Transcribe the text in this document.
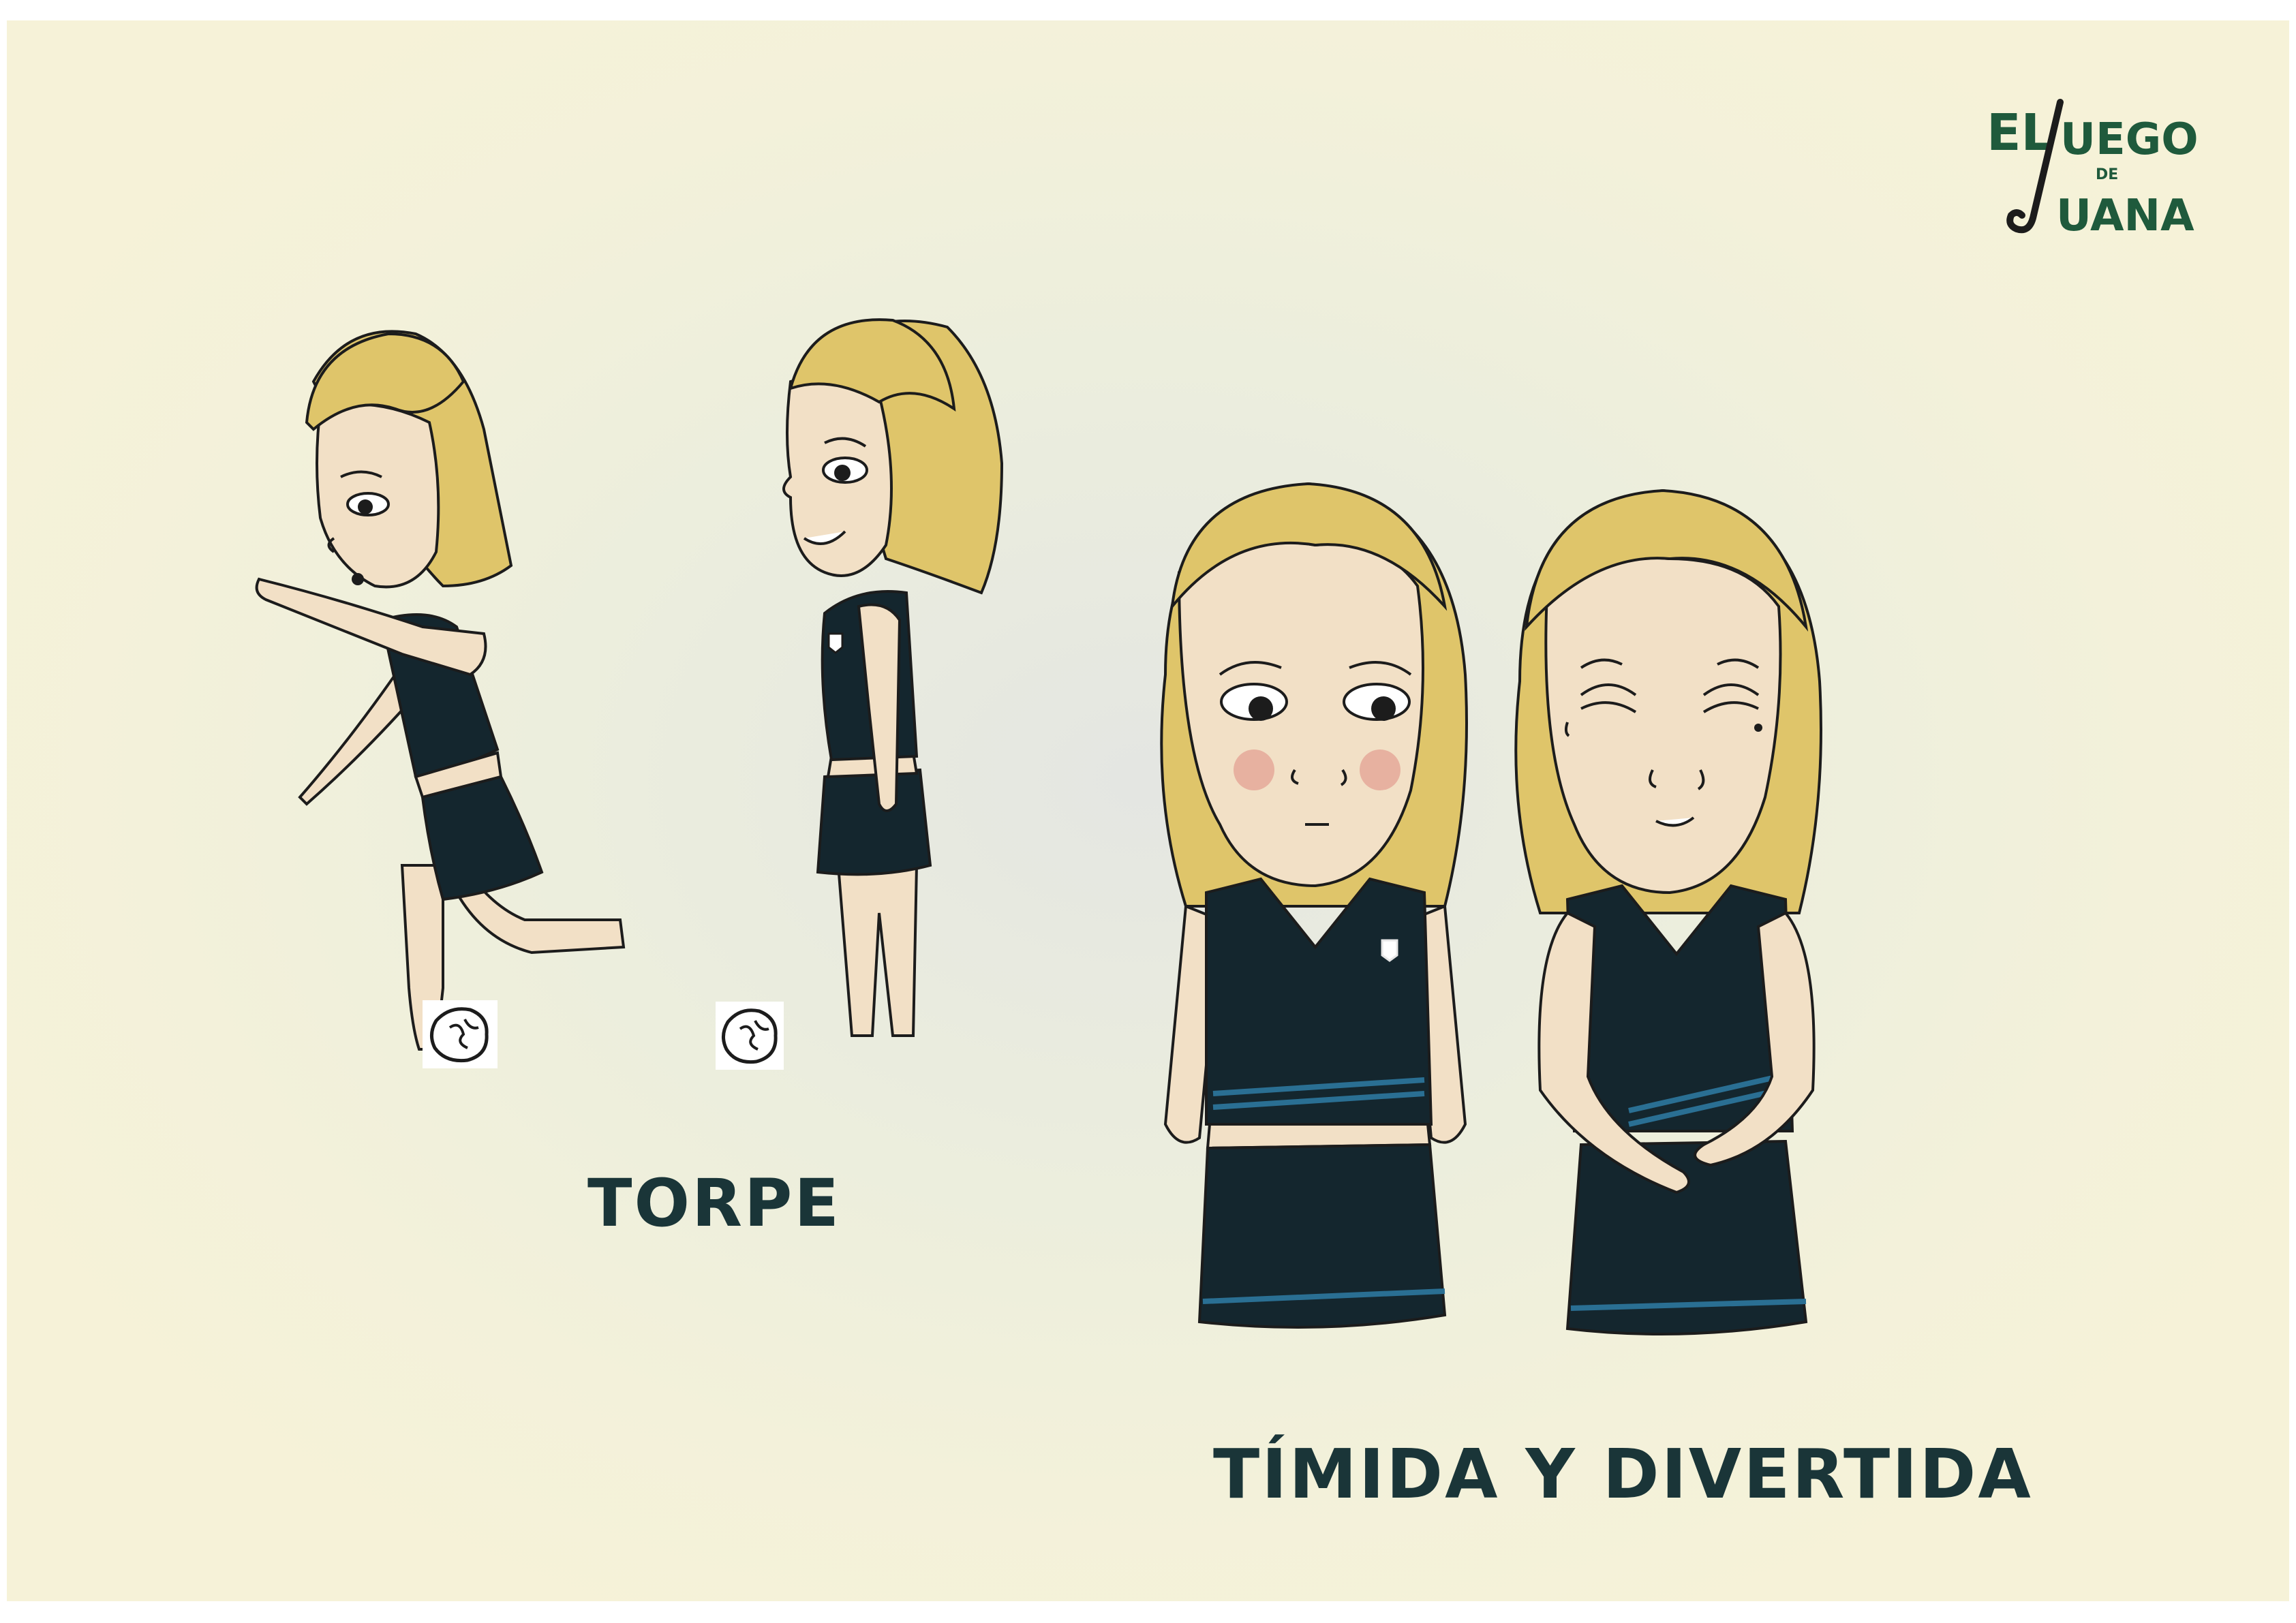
EL UEGO
DE
UANA
TORPE
TÍMIDA Y DIVERTIDA
